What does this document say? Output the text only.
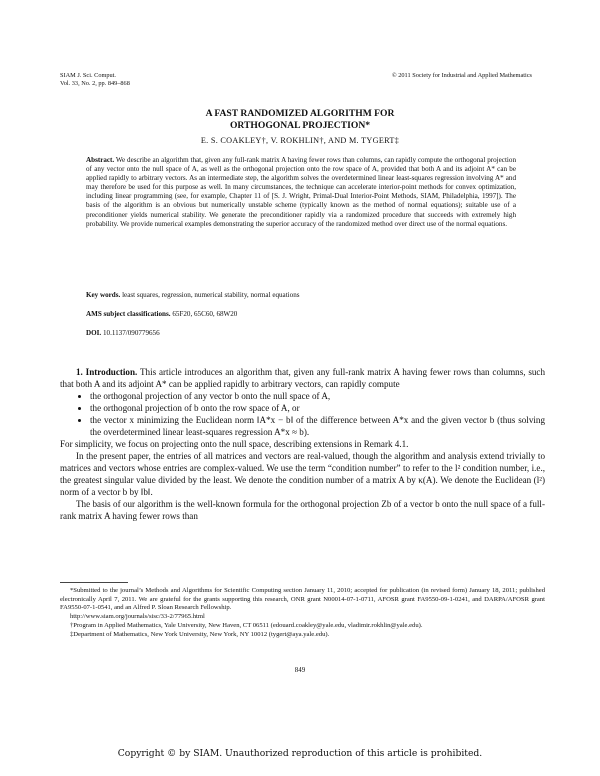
SIAM J. Sci. Comput.
Vol. 33, No. 2, pp. 849–868
© 2011 Society for Industrial and Applied Mathematics
A FAST RANDOMIZED ALGORITHM FOR
ORTHOGONAL PROJECTION*
E. S. COAKLEY†, V. ROKHLIN†, AND M. TYGERT‡
Abstract. We describe an algorithm that, given any full-rank matrix A having fewer rows than columns, can rapidly compute the orthogonal projection of any vector onto the null space of A, as well as the orthogonal projection onto the row space of A, provided that both A and its adjoint A* can be applied rapidly to arbitrary vectors. As an intermediate step, the algorithm solves the overdetermined linear least-squares regression involving A* and may therefore be used for this purpose as well. In many circumstances, the technique can accelerate interior-point methods for convex optimization, including linear programming (see, for example, Chapter 11 of [S. J. Wright, Primal-Dual Interior-Point Methods, SIAM, Philadelphia, 1997]). The basis of the algorithm is an obvious but numerically unstable scheme (typically known as the method of normal equations); suitable use of a preconditioner yields numerical stability. We generate the preconditioner rapidly via a randomized procedure that succeeds with extremely high probability. We provide numerical examples demonstrating the superior accuracy of the randomized method over direct use of the normal equations.
Key words. least squares, regression, numerical stability, normal equations
AMS subject classifications. 65F20, 65C60, 68W20
DOI. 10.1137/090779656

1. Introduction. This article introduces an algorithm that, given any full-rank matrix A having fewer rows than columns, such that both A and its adjoint A* can be applied rapidly to arbitrary vectors, can rapidly compute

• the orthogonal projection of any vector b onto the null space of A,
• the orthogonal projection of b onto the row space of A, or
• the vector x minimizing the Euclidean norm ‖A*x − b‖ of the difference between A*x and the given vector b (thus solving the overdetermined linear least-squares regression A*x ≈ b).

For simplicity, we focus on projecting onto the null space, describing extensions in Remark 4.1.

In the present paper, the entries of all matrices and vectors are real-valued, though the algorithm and analysis extend trivially to matrices and vectors whose entries are complex-valued. We use the term “condition number” to refer to the l² condition number, i.e., the greatest singular value divided by the least. We denote the condition number of a matrix A by κ(A). We denote the Euclidean (l²) norm of a vector b by ‖b‖.

The basis of our algorithm is the well-known formula for the orthogonal projection Zb of a vector b onto the null space of a full-rank matrix A having fewer rows than

*Submitted to the journal’s Methods and Algorithms for Scientific Computing section January 11, 2010; accepted for publication (in revised form) January 18, 2011; published electronically April 7, 2011. We are grateful for the grants supporting this research, ONR grant N00014-07-1-0711, AFOSR grant FA9550-09-1-0241, and DARPA/AFOSR grant FA9550-07-1-0541, and an Alfred P. Sloan Research Fellowship.

http://www.siam.org/journals/sisc/33-2/77965.html

†Program in Applied Mathematics, Yale University, New Haven, CT 06511 (edouard.coakley@yale.edu, vladimir.rokhlin@yale.edu).

‡Department of Mathematics, New York University, New York, NY 10012 (tygert@aya.yale.edu).

849
Copyright © by SIAM. Unauthorized reproduction of this article is prohibited.
